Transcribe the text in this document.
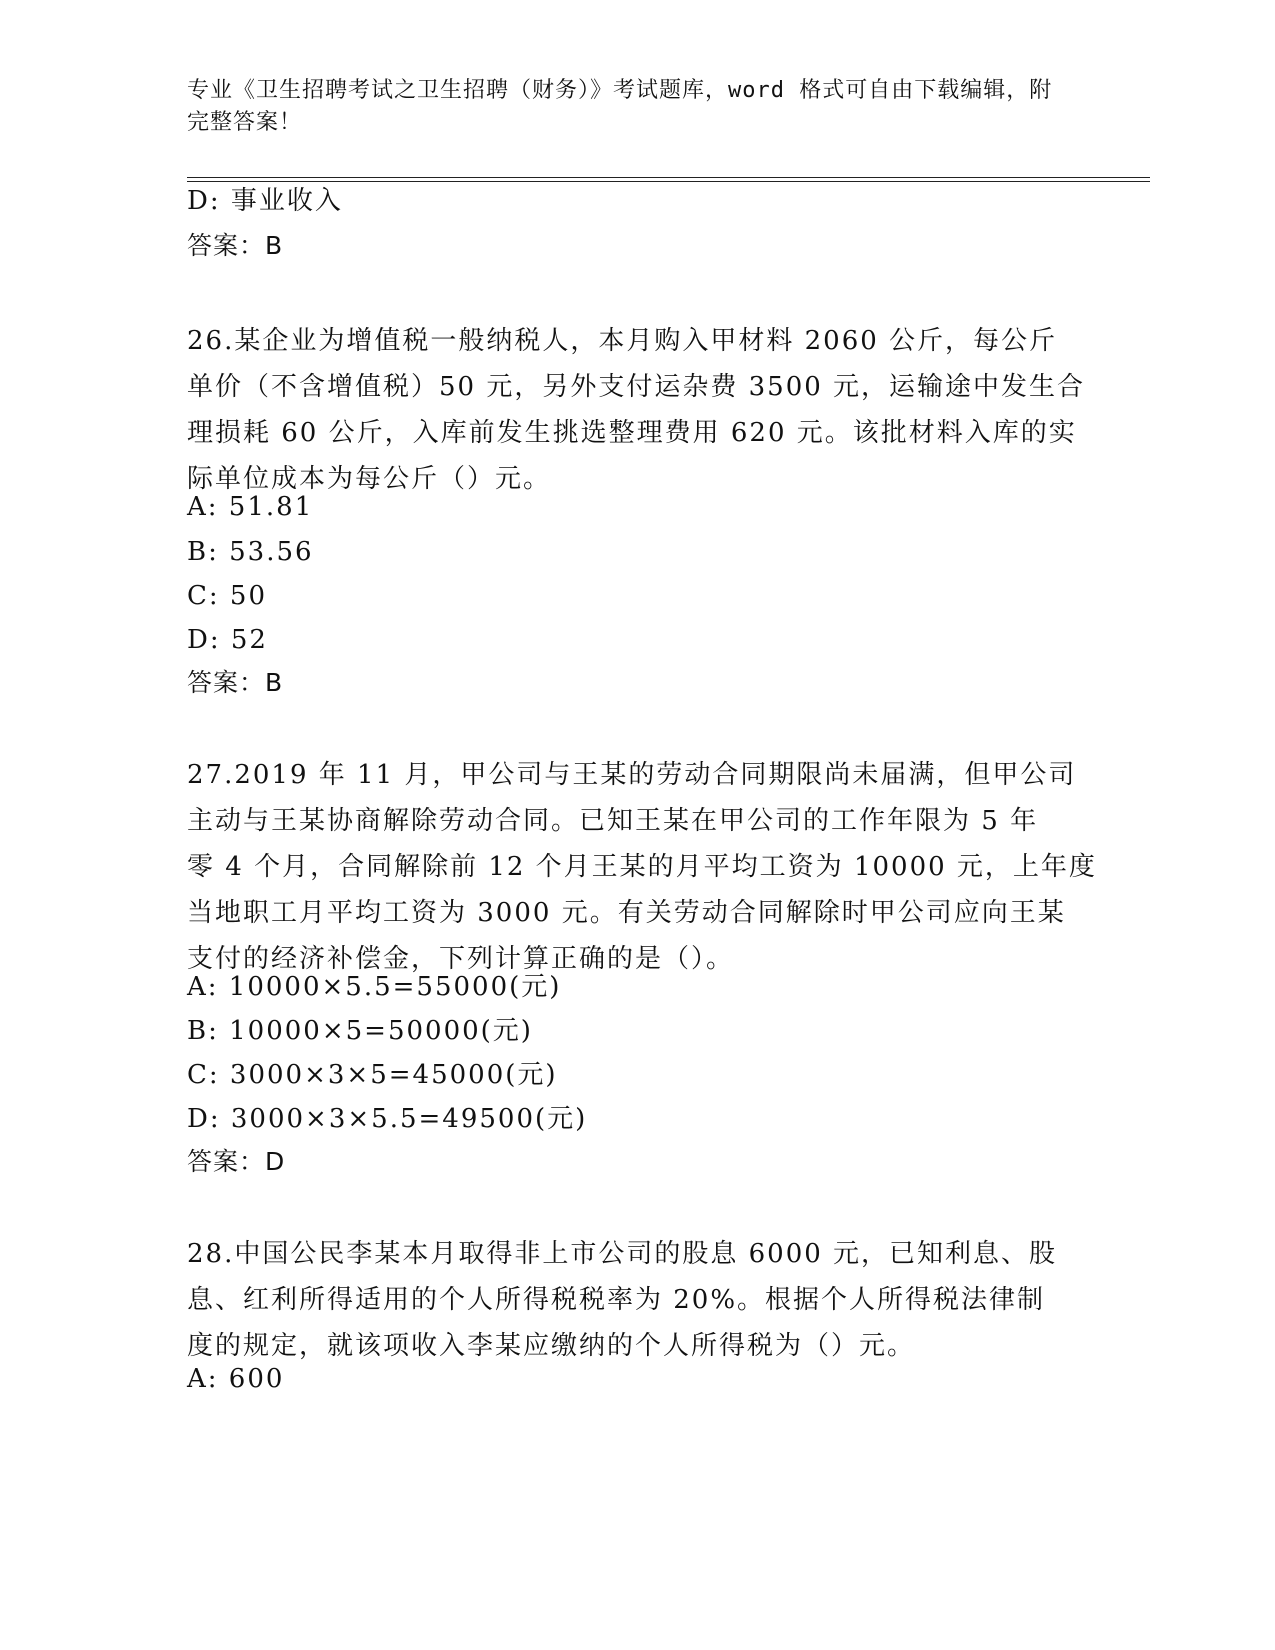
专业《卫生招聘考试之卫生招聘（财务）》考试题库，word 格式可自由下载编辑，附完整答案！
D: 事业收入
答案：B
26.某企业为增值税一般纳税人，本月购入甲材料 2060 公斤，每公斤
单价（不含增值税）50 元，另外支付运杂费 3500 元，运输途中发生合
理损耗 60 公斤，入库前发生挑选整理费用 620 元。该批材料入库的实
际单位成本为每公斤（）元。
A: 51.81
B: 53.56
C: 50
D: 52
答案：B
27.2019 年 11 月，甲公司与王某的劳动合同期限尚未届满，但甲公司
主动与王某协商解除劳动合同。已知王某在甲公司的工作年限为 5 年
零 4 个月，合同解除前 12 个月王某的月平均工资为 10000 元，上年度
当地职工月平均工资为 3000 元。有关劳动合同解除时甲公司应向王某
支付的经济补偿金，下列计算正确的是（）。
A: 10000×5.5=55000(元)
B: 10000×5=50000(元)
C: 3000×3×5=45000(元)
D: 3000×3×5.5=49500(元)
答案：D
28.中国公民李某本月取得非上市公司的股息 6000 元，已知利息、股
息、红利所得适用的个人所得税税率为 20%。根据个人所得税法律制
度的规定，就该项收入李某应缴纳的个人所得税为（）元。
A: 600
